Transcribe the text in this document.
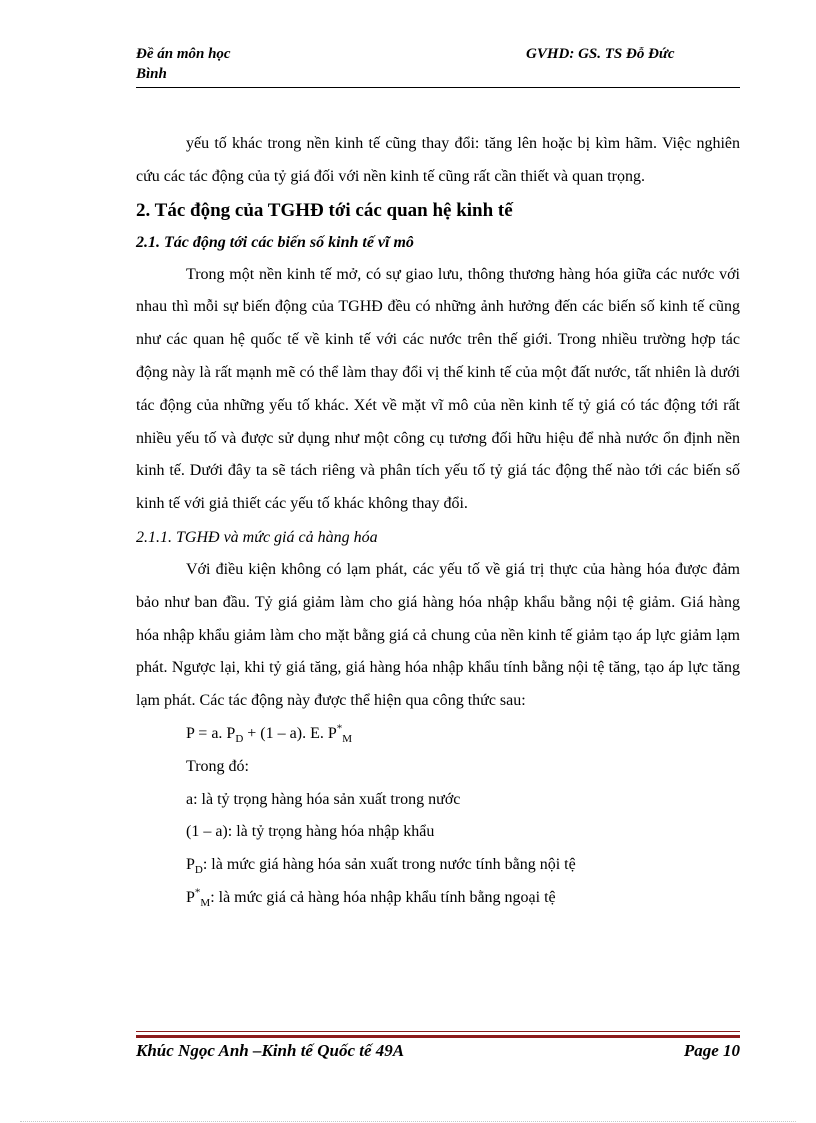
Đề án môn học	GVHD: GS. TS Đỗ Đức
Bình

yếu tố khác trong nền kinh tế cũng thay đổi: tăng lên hoặc bị kìm hãm. Việc nghiên cứu các tác động của tỷ giá đối với nền kinh tế cũng rất cần thiết và quan trọng.

2. Tác động của TGHĐ tới các quan hệ kinh tế

2.1. Tác động tới các biến số kinh tế vĩ mô

Trong một nền kinh tế mở, có sự giao lưu, thông thương hàng hóa giữa các nước với nhau thì mỗi sự biến động của TGHĐ đều có những ảnh hưởng đến các biến số kinh tế cũng như các quan hệ quốc tế về kinh tế với các nước trên thế giới. Trong nhiều trường hợp tác động này là rất mạnh mẽ có thể làm thay đổi vị thế kinh tế của một đất nước, tất nhiên là dưới tác động của những yếu tố khác. Xét về mặt vĩ mô của nền kinh tế tỷ giá có tác động tới rất nhiều yếu tố và được sử dụng như một công cụ tương đối hữu hiệu để nhà nước ổn định nền kinh tế. Dưới đây ta sẽ tách riêng và phân tích yếu tố tỷ giá tác động thế nào tới các biến số kinh tế với giả thiết các yếu tố khác không thay đổi.

2.1.1. TGHĐ và mức giá cả hàng hóa

Với điều kiện không có lạm phát, các yếu tố về giá trị thực của hàng hóa được đảm bảo như ban đầu. Tỷ giá giảm làm cho giá hàng hóa nhập khẩu bằng nội tệ giảm. Giá hàng hóa nhập khẩu giảm làm cho mặt bằng giá cả chung của nền kinh tế giảm tạo áp lực giảm lạm phát. Ngược lại, khi tỷ giá tăng, giá hàng hóa nhập khẩu tính bằng nội tệ tăng, tạo áp lực tăng lạm phát. Các tác động này được thể hiện qua công thức sau:

P = a. $P_D + (1 - a)$. E. $P^*_M$

Trong đó:

a: là tỷ trọng hàng hóa sản xuất trong nước

(1 – a): là tỷ trọng hàng hóa nhập khẩu

$P_D$: là mức giá hàng hóa sản xuất trong nước tính bằng nội tệ

$P^*_M$: là mức giá cả hàng hóa nhập khẩu tính bằng ngoại tệ

Khúc Ngọc Anh –Kinh tế Quốc tế 49A	Page 10
